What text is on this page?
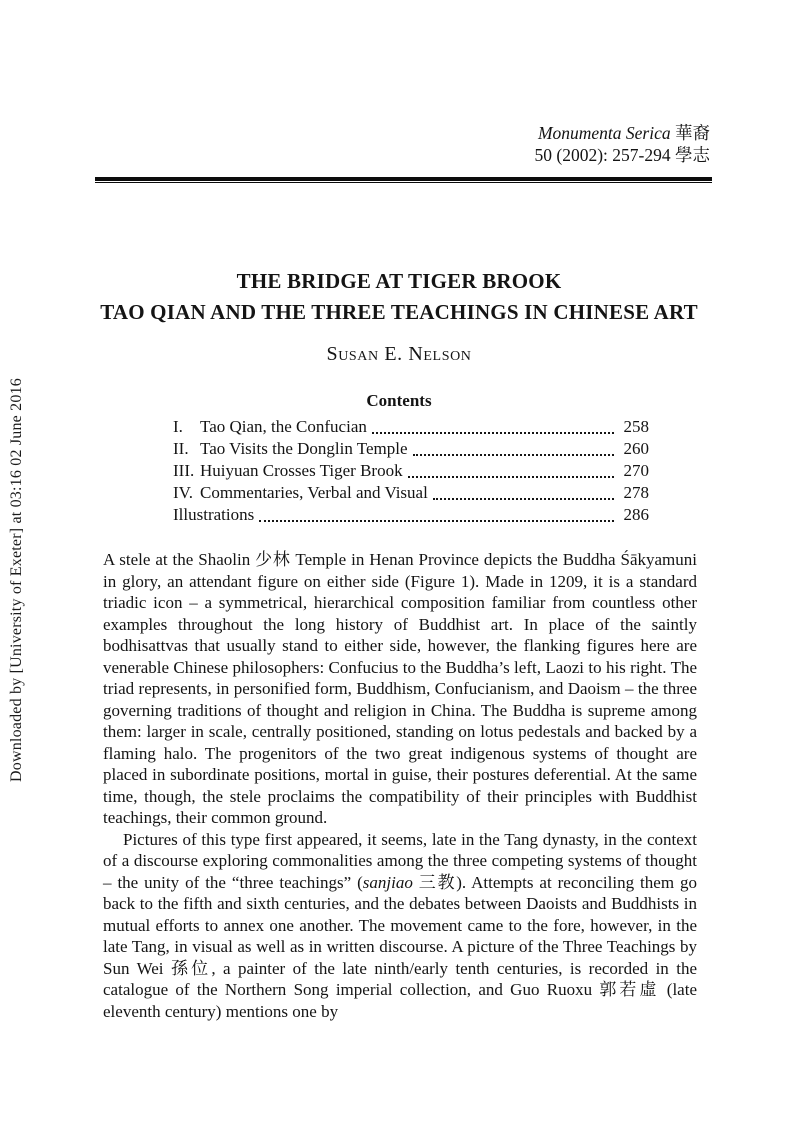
Downloaded by [University of Exeter] at 03:16 02 June 2016
Monumenta Serica 華裔
50 (2002): 257-294 學志
THE BRIDGE AT TIGER BROOK
TAO QIAN AND THE THREE TEACHINGS IN CHINESE ART
Susan E. Nelson
Contents
I.	Tao Qian, the Confucian	258
II. Tao Visits the Donglin Temple	260
III. Huiyuan Crosses Tiger Brook	270
IV. Commentaries, Verbal and Visual	278
Illustrations	286

A stele at the Shaolin 少林 Temple in Henan Province depicts the Buddha Śākyamuni in glory, an attendant figure on either side (Figure 1). Made in 1209, it is a standard triadic icon – a symmetrical, hierarchical composition familiar from countless other examples throughout the long history of Buddhist art. In place of the saintly bodhisattvas that usually stand to either side, however, the flanking figures here are venerable Chinese philosophers: Confucius to the Buddha’s left, Laozi to his right. The triad represents, in personified form, Buddhism, Confucianism, and Daoism – the three governing traditions of thought and religion in China. The Buddha is supreme among them: larger in scale, centrally positioned, standing on lotus pedestals and backed by a flaming halo. The progenitors of the two great indigenous systems of thought are placed in subordinate positions, mortal in guise, their postures deferential. At the same time, though, the stele proclaims the compatibility of their principles with Buddhist teachings, their common ground.

Pictures of this type first appeared, it seems, late in the Tang dynasty, in the context of a discourse exploring commonalities among the three competing systems of thought – the unity of the “three teachings” (sanjiao 三教). Attempts at reconciling them go back to the fifth and sixth centuries, and the debates between Daoists and Buddhists in mutual efforts to annex one another. The movement came to the fore, however, in the late Tang, in visual as well as in written discourse. A picture of the Three Teachings by Sun Wei 孫位, a painter of the late ninth/early tenth centuries, is recorded in the catalogue of the Northern Song imperial collection, and Guo Ruoxu 郭若虛 (late eleventh century) mentions one by
